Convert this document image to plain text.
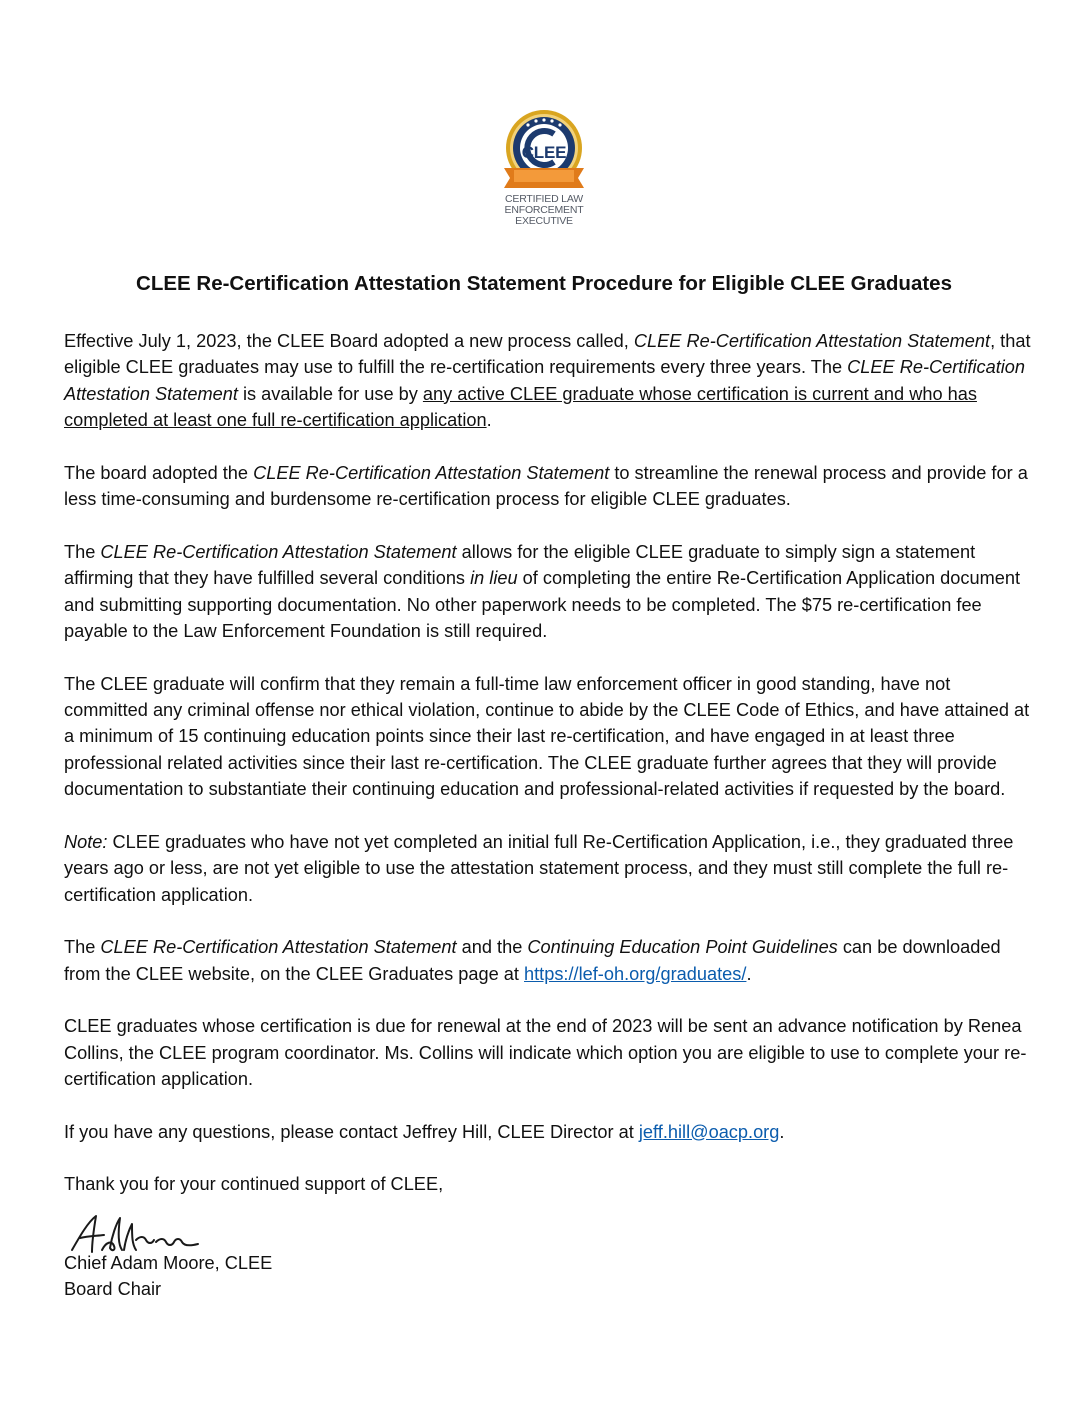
CLEE
CERTIFIED LAW
ENFORCEMENT
EXECUTIVE
CLEE Re-Certification Attestation Statement Procedure for Eligible CLEE Graduates

Effective July 1, 2023, the CLEE Board adopted a new process called, CLEE Re-Certification Attestation Statement, that eligible CLEE graduates may use to fulfill the re-certification requirements every three years. The CLEE Re-Certification Attestation Statement is available for use by any active CLEE graduate whose certification is current and who has completed at least one full re-certification application.

The board adopted the CLEE Re-Certification Attestation Statement to streamline the renewal process and provide for a less time-consuming and burdensome re-certification process for eligible CLEE graduates.

The CLEE Re-Certification Attestation Statement allows for the eligible CLEE graduate to simply sign a statement affirming that they have fulfilled several conditions in lieu of completing the entire Re-Certification Application document and submitting supporting documentation. No other paperwork needs to be completed. The $75 re-certification fee payable to the Law Enforcement Foundation is still required.

The CLEE graduate will confirm that they remain a full-time law enforcement officer in good standing, have not committed any criminal offense nor ethical violation, continue to abide by the CLEE Code of Ethics, and have attained at a minimum of 15 continuing education points since their last re-certification, and have engaged in at least three professional related activities since their last re-certification. The CLEE graduate further agrees that they will provide documentation to substantiate their continuing education and professional-related activities if requested by the board.

Note: CLEE graduates who have not yet completed an initial full Re-Certification Application, i.e., they graduated three years ago or less, are not yet eligible to use the attestation statement process, and they must still complete the full re-certification application.

The CLEE Re-Certification Attestation Statement and the Continuing Education Point Guidelines can be downloaded from the CLEE website, on the CLEE Graduates page at https://lef-oh.org/graduates/.

CLEE graduates whose certification is due for renewal at the end of 2023 will be sent an advance notification by Renea Collins, the CLEE program coordinator. Ms. Collins will indicate which option you are eligible to use to complete your re-certification application.

If you have any questions, please contact Jeffrey Hill, CLEE Director at jeff.hill@oacp.org.

Thank you for your continued support of CLEE,

Chief Adam Moore, CLEE
Board Chair
